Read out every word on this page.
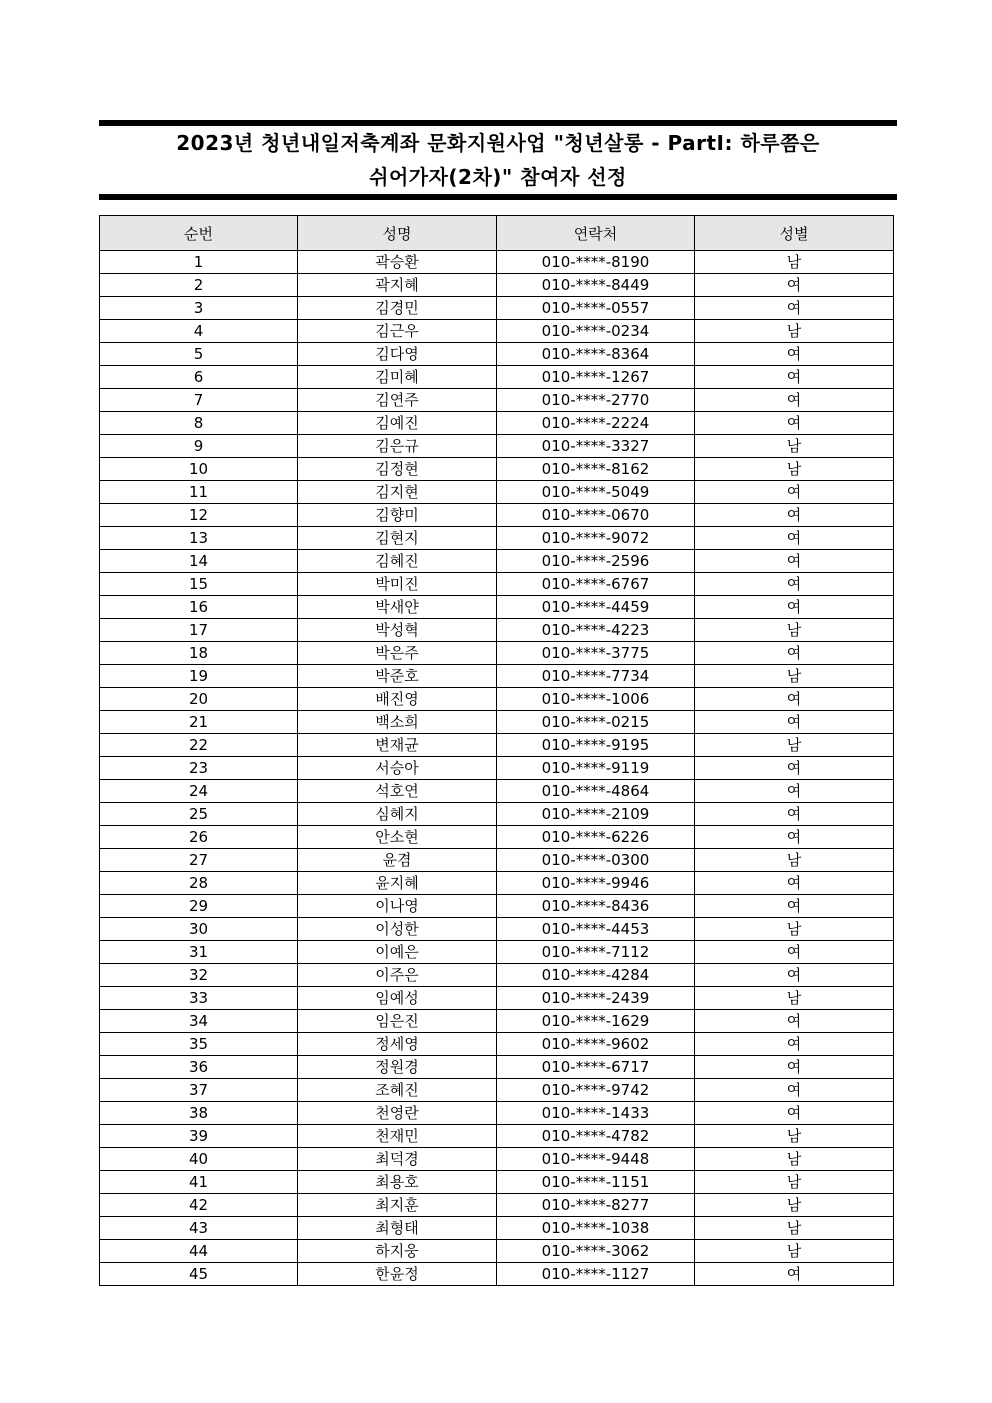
2023년 청년내일저축계좌 문화지원사업 "청년살롱 - PartⅠ: 하루쯤은
쉬어가자(2차)" 참여자 선정
순번	성명	연락처	성별
1	곽승환	010-****-8190	남
2	곽지혜	010-****-8449	여
3	김경민	010-****-0557	여
4	김근우	010-****-0234	남
5	김다영	010-****-8364	여
6	김미혜	010-****-1267	여
7	김연주	010-****-2770	여
8	김예진	010-****-2224	여
9	김은규	010-****-3327	남
10	김정현	010-****-8162	남
11	김지현	010-****-5049	여
12	김향미	010-****-0670	여
13	김현지	010-****-9072	여
14	김혜진	010-****-2596	여
15	박미진	010-****-6767	여
16	박새얀	010-****-4459	여
17	박성혁	010-****-4223	남
18	박은주	010-****-3775	여
19	박준호	010-****-7734	남
20	배진영	010-****-1006	여
21	백소희	010-****-0215	여
22	변재균	010-****-9195	남
23	서승아	010-****-9119	여
24	석호연	010-****-4864	여
25	심혜지	010-****-2109	여
26	안소현	010-****-6226	여
27	윤겸	010-****-0300	남
28	윤지혜	010-****-9946	여
29	이나영	010-****-8436	여
30	이성한	010-****-4453	남
31	이예은	010-****-7112	여
32	이주은	010-****-4284	여
33	임예성	010-****-2439	남
34	임은진	010-****-1629	여
35	정세영	010-****-9602	여
36	정원경	010-****-6717	여
37	조혜진	010-****-9742	여
38	천영란	010-****-1433	여
39	천재민	010-****-4782	남
40	최덕경	010-****-9448	남
41	최용호	010-****-1151	남
42	최지훈	010-****-8277	남
43	최형태	010-****-1038	남
44	하지웅	010-****-3062	남
45	한윤정	010-****-1127	여
